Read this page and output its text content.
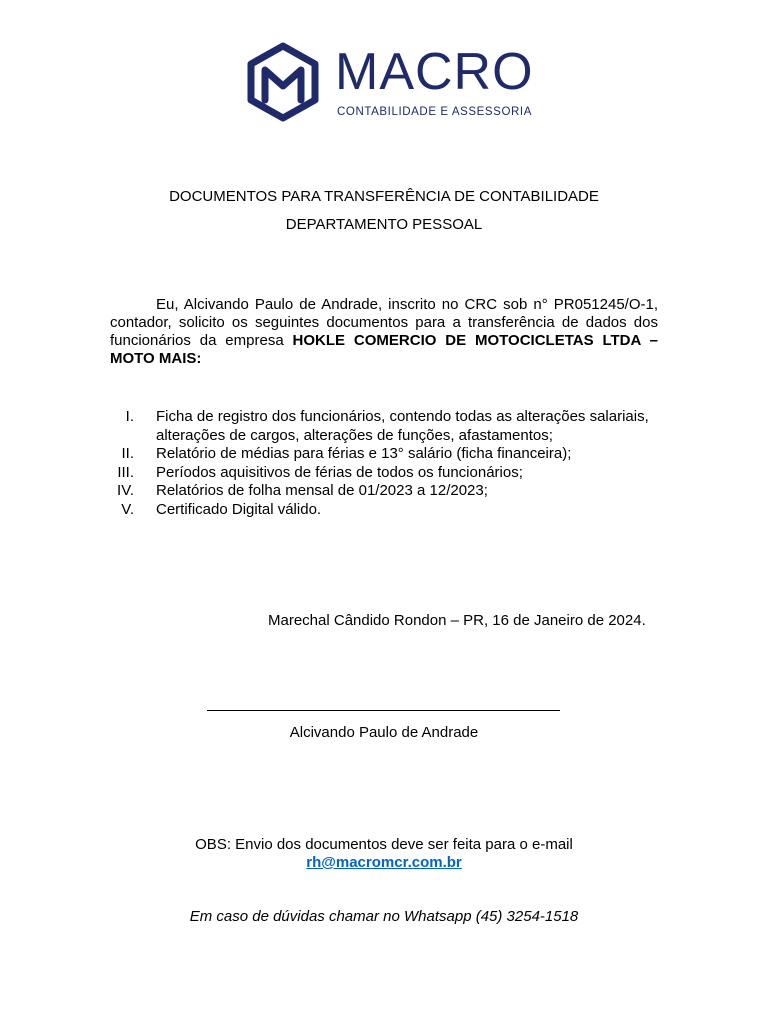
MACRO
CONTABILIDADE E ASSESSORIA
DOCUMENTOS PARA TRANSFERÊNCIA DE CONTABILIDADE
DEPARTAMENTO PESSOAL
Eu, Alcivando Paulo de Andrade, inscrito no CRC sob n° PR051245/O-1, contador, solicito os seguintes documentos para a transferência de dados dos funcionários da empresa HOKLE COMERCIO DE MOTOCICLETAS LTDA – MOTO MAIS:
I. Ficha de registro dos funcionários, contendo todas as alterações salariais, alterações de cargos, alterações de funções, afastamentos;
II. Relatório de médias para férias e 13° salário (ficha financeira);
III. Períodos aquisitivos de férias de todos os funcionários;
IV. Relatórios de folha mensal de 01/2023 a 12/2023;
V. Certificado Digital válido.
Marechal Cândido Rondon – PR, 16 de Janeiro de 2024.
Alcivando Paulo de Andrade
OBS: Envio dos documentos deve ser feita para o e-mail
rh@macromcr.com.br
Em caso de dúvidas chamar no Whatsapp (45) 3254-1518
